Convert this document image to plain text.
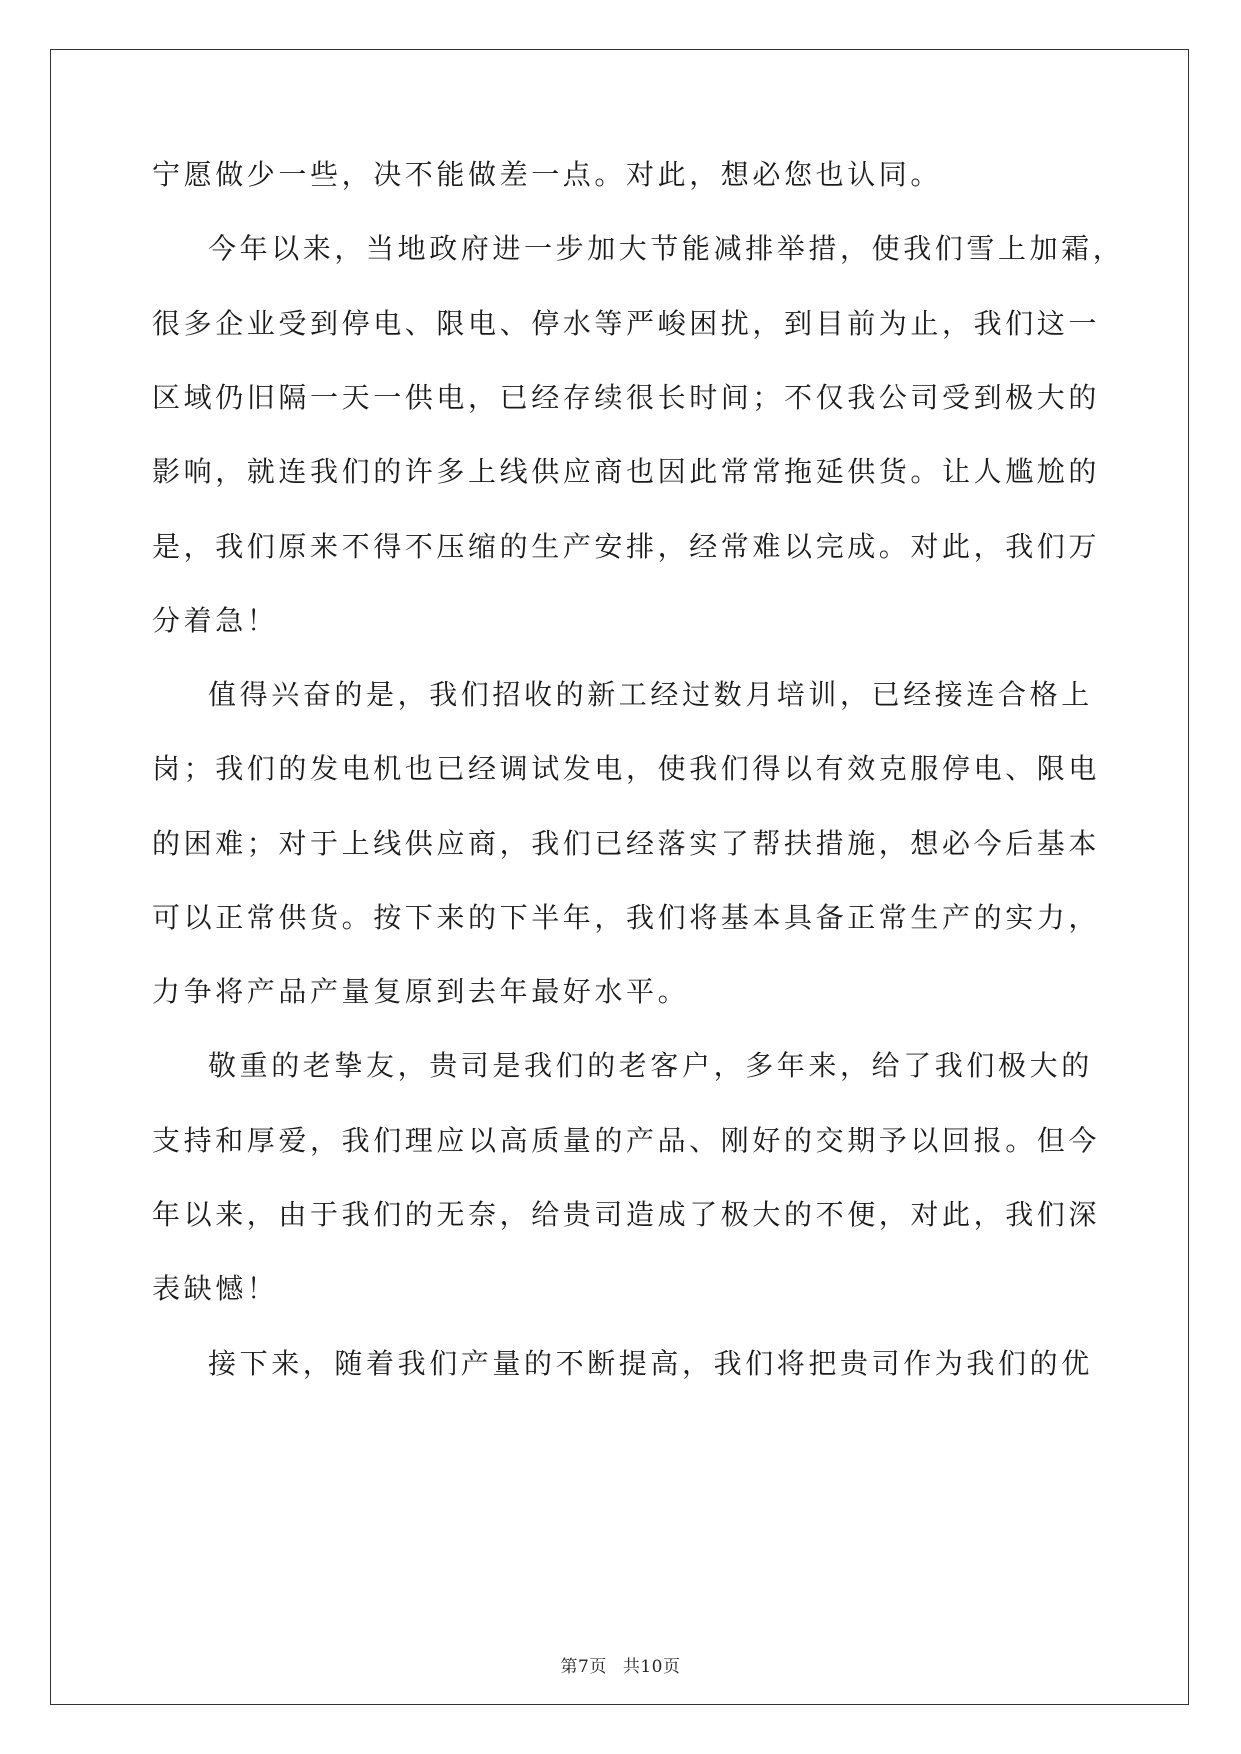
宁愿做少一些，决不能做差一点。对此，想必您也认同。

今年以来，当地政府进一步加大节能减排举措，使我们雪上加霜，

很多企业受到停电、限电、停水等严峻困扰，到目前为止，我们这一

区域仍旧隔一天一供电，已经存续很长时间；不仅我公司受到极大的

影响，就连我们的许多上线供应商也因此常常拖延供货。让人尴尬的

是，我们原来不得不压缩的生产安排，经常难以完成。对此，我们万

分着急！

值得兴奋的是，我们招收的新工经过数月培训，已经接连合格上

岗；我们的发电机也已经调试发电，使我们得以有效克服停电、限电

的困难；对于上线供应商，我们已经落实了帮扶措施，想必今后基本

可以正常供货。按下来的下半年，我们将基本具备正常生产的实力，

力争将产品产量复原到去年最好水平。

敬重的老挚友，贵司是我们的老客户，多年来，给了我们极大的

支持和厚爱，我们理应以高质量的产品、刚好的交期予以回报。但今

年以来，由于我们的无奈，给贵司造成了极大的不便，对此，我们深

表缺憾！

接下来，随着我们产量的不断提高，我们将把贵司作为我们的优

第7页 共10页
